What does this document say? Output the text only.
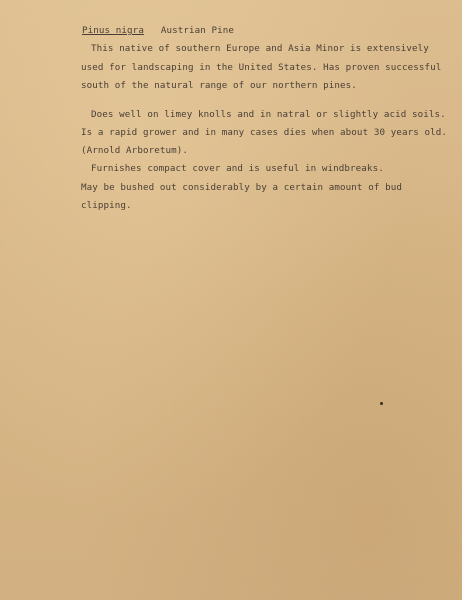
Pinus nigra Austrian Pine
This native of southern Europe and Asia Minor is extensively
used for landscaping in the United States. Has proven successful
south of the natural range of our northern pines.
Does well on limey knolls and in natral or slightly acid soils.
Is a rapid grower and in many cases dies when about 30 years old.
(Arnold Arboretum).
Furnishes compact cover and is useful in windbreaks.
May be bushed out considerably by a certain amount of bud
clipping.
